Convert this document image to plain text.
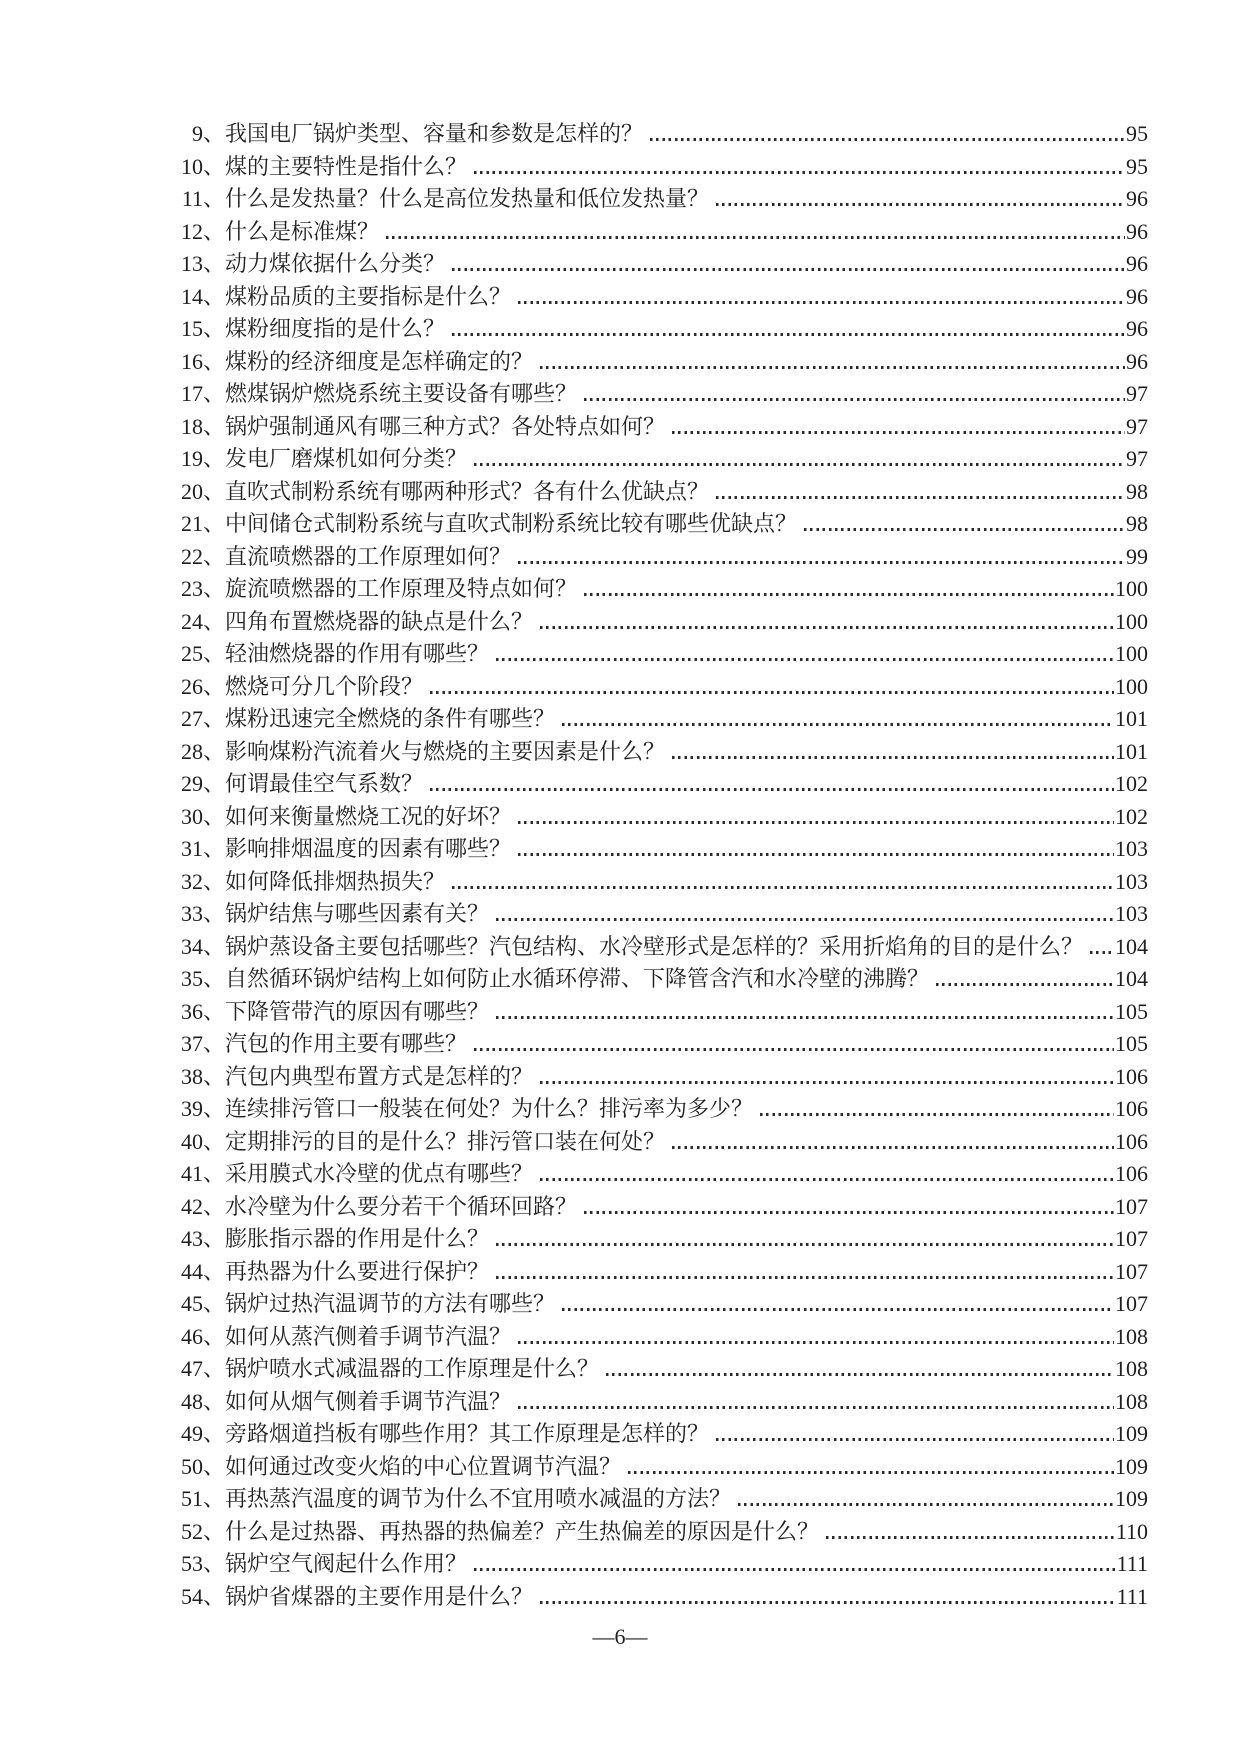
9 、 我国电厂锅炉类型、容量和参数是怎样的？	95
10 、 煤的主要特性是指什么？	95
11 、 什么是发热量？什么是高位发热量和低位发热量？	96
12 、 什么是标准煤？	96
13 、 动力煤依据什么分类？	96
14 、 煤粉品质的主要指标是什么？	96
15 、 煤粉细度指的是什么？	96
16 、 煤粉的经济细度是怎样确定的？	96
17 、 燃煤锅炉燃烧系统主要设备有哪些？	97
18 、 锅炉强制通风有哪三种方式？各处特点如何？	97
19 、 发电厂磨煤机如何分类？	97
20 、 直吹式制粉系统有哪两种形式？各有什么优缺点？	98
21 、 中间储仓式制粉系统与直吹式制粉系统比较有哪些优缺点？	98
22 、 直流喷燃器的工作原理如何？	99
23 、 旋流喷燃器的工作原理及特点如何？	100
24 、 四角布置燃烧器的缺点是什么？	100
25 、 轻油燃烧器的作用有哪些？	100
26 、 燃烧可分几个阶段？	100
27 、 煤粉迅速完全燃烧的条件有哪些？	101
28 、 影响煤粉汽流着火与燃烧的主要因素是什么？	101
29 、 何谓最佳空气系数？	102
30 、 如何来衡量燃烧工况的好坏？	102
31 、 影响排烟温度的因素有哪些？	103
32 、 如何降低排烟热损失？	103
33 、 锅炉结焦与哪些因素有关？	103
34 、 锅炉蒸设备主要包括哪些？汽包结构、水冷壁形式是怎样的？采用折焰角的目的是什么？ 104
35 、 自然循环锅炉结构上如何防止水循环停滞、下降管含汽和水冷壁的沸腾？	104
36 、 下降管带汽的原因有哪些？	105
37 、 汽包的作用主要有哪些？	105
38 、 汽包内典型布置方式是怎样的？	106
39 、 连续排污管口一般装在何处？为什么？排污率为多少？	106
40 、 定期排污的目的是什么？排污管口装在何处？	106
41 、 采用膜式水冷壁的优点有哪些？	106
42 、 水冷壁为什么要分若干个循环回路？	107
43 、 膨胀指示器的作用是什么？	107
44 、 再热器为什么要进行保护？	107
45 、 锅炉过热汽温调节的方法有哪些？	107
46 、 如何从蒸汽侧着手调节汽温？	108
47 、 锅炉喷水式减温器的工作原理是什么？	108
48 、 如何从烟气侧着手调节汽温？	108
49 、 旁路烟道挡板有哪些作用？其工作原理是怎样的？	109
50 、 如何通过改变火焰的中心位置调节汽温？	109
51 、 再热蒸汽温度的调节为什么不宜用喷水减温的方法？	109
52 、 什么是过热器、再热器的热偏差？产生热偏差的原因是什么？	110
53 、 锅炉空气阀起什么作用？	111
54 、 锅炉省煤器的主要作用是什么？	111
—6—
